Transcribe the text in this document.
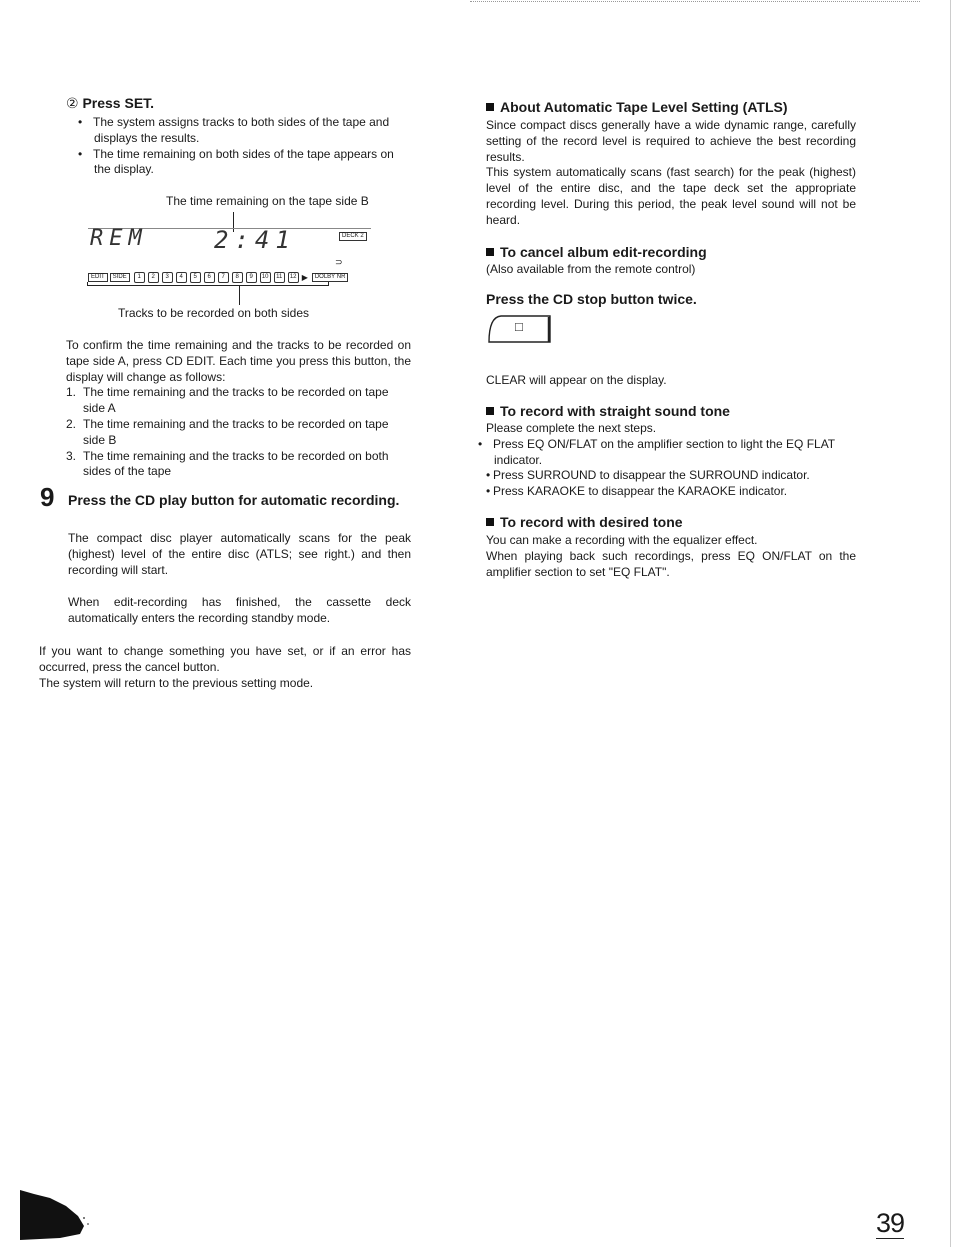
② Press SET.

• The system assigns tracks to both sides of the tape and displays the results.

• The time remaining on both sides of the tape appears on the display.

The time remaining on the tape side B
REM	2:41	DECK 2
⊃
EDIT	SIDE	1	2	3	4	5	6	7	8	9	10	11	12 ▶	DOLBY NR
Tracks to be recorded on both sides

To confirm the time remaining and the tracks to be recorded on tape side A, press CD EDIT. Each time you press this button, the display will change as follows:

1. The time remaining and the tracks to be recorded on tape side A

2. The time remaining and the tracks to be recorded on tape side B

3. The time remaining and the tracks to be recorded on both sides of the tape

9 Press the CD play button for automatic recording.

The compact disc player automatically scans for the peak (highest) level of the entire disc (ATLS; see right.) and then recording will start.

When edit-recording has finished, the cassette deck automatically enters the recording standby mode.

If you want to change something you have set, or if an error has occurred, press the cancel button.

The system will return to the previous setting mode.

About Automatic Tape Level Setting (ATLS)

Since compact discs generally have a wide dynamic range, carefully setting of the record level is required to achieve the best recording results.

This system automatically scans (fast search) for the peak (highest) level of the entire disc, and the tape deck set the appropriate recording level. During this period, the peak level sound will not be heard.

To cancel album edit-recording
(Also available from the remote control)
Press the CD stop button twice.
□
CLEAR will appear on the display.
To record with straight sound tone

Please complete the next steps.

• Press EQ ON/FLAT on the amplifier section to light the EQ FLAT indicator.

• Press SURROUND to disappear the SURROUND indicator.

• Press KARAOKE to disappear the KARAOKE indicator.

To record with desired tone

You can make a recording with the equalizer effect.

When playing back such recordings, press EQ ON/FLAT on the amplifier section to set "EQ FLAT".

39
